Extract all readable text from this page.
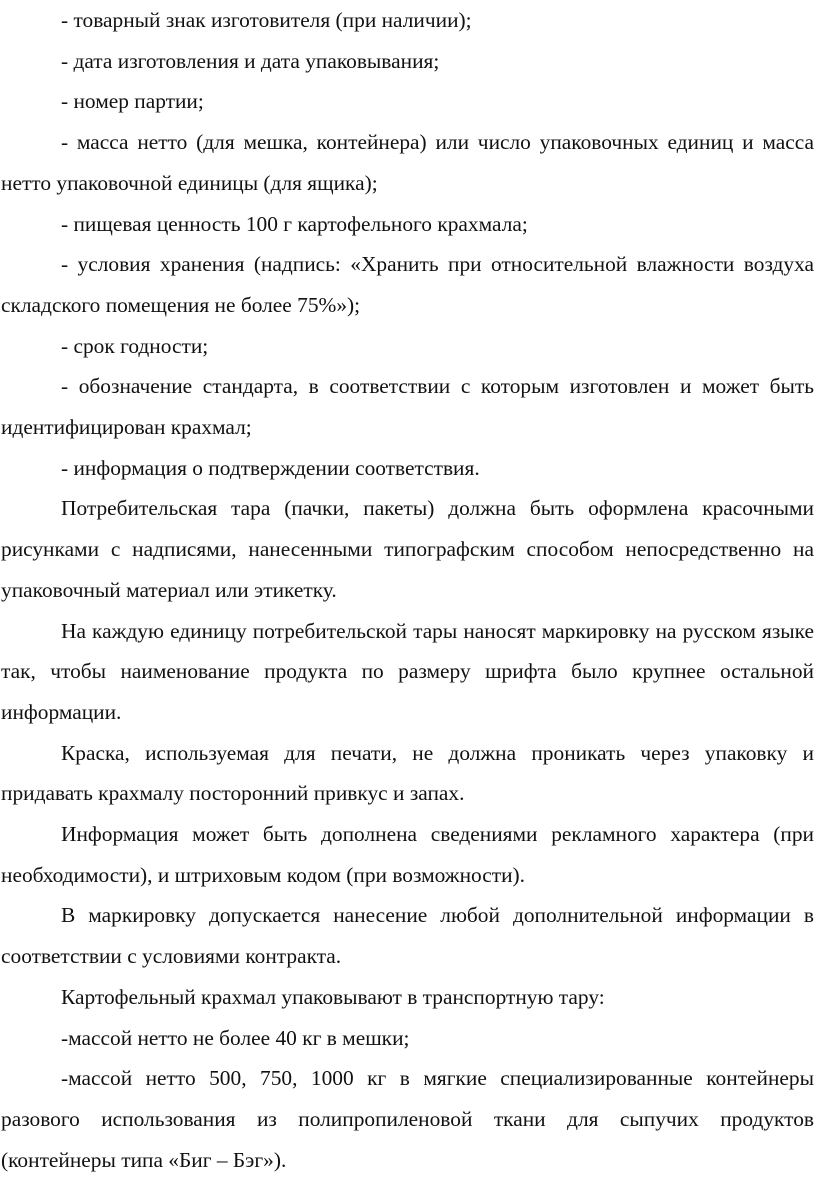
- товарный знак изготовителя (при наличии);

- дата изготовления и дата упаковывания;

- номер партии;

- масса нетто (для мешка, контейнера) или число упаковочных единиц и масса нетто упаковочной единицы (для ящика);

- пищевая ценность 100 г картофельного крахмала;

- условия хранения (надпись: «Хранить при относительной влажности воздуха складского помещения не более 75%»);

- срок годности;

- обозначение стандарта, в соответствии с которым изготовлен и может быть идентифицирован крахмал;

- информация о подтверждении соответствия.

Потребительская тара (пачки, пакеты) должна быть оформлена красочными рисунками с надписями, нанесенными типографским способом непосредственно на упаковочный материал или этикетку.

На каждую единицу потребительской тары наносят маркировку на русском языке так, чтобы наименование продукта по размеру шрифта было крупнее остальной информации.

Краска, используемая для печати, не должна проникать через упаковку и придавать крахмалу посторонний привкус и запах.

Информация может быть дополнена сведениями рекламного характера (при необходимости), и штриховым кодом (при возможности).

В маркировку допускается нанесение любой дополнительной информации в соответствии с условиями контракта.

Картофельный крахмал упаковывают в транспортную тару:

-массой нетто не более 40 кг в мешки;

-массой нетто 500, 750, 1000 кг в мягкие специализированные контейнеры разового использования из полипропиленовой ткани для сыпучих продуктов (контейнеры типа «Биг – Бэг»).
